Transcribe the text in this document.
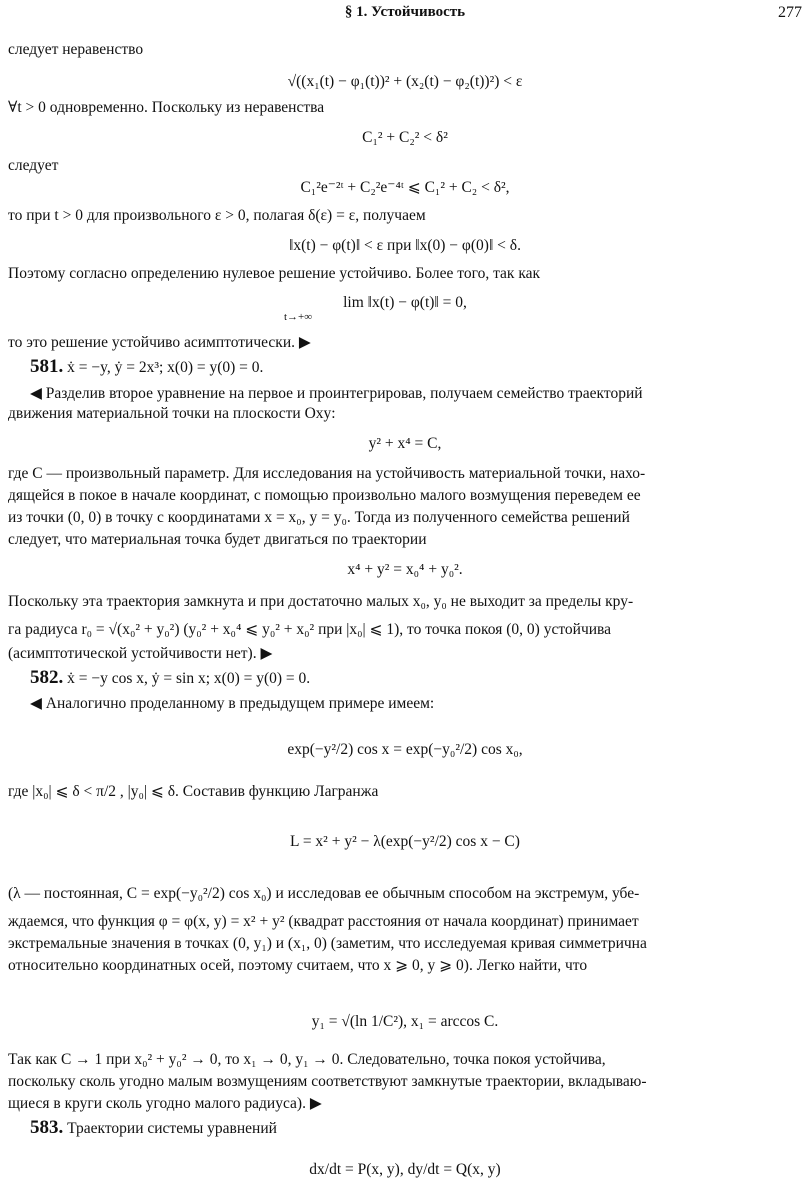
§ 1. Устойчивость	277
следует неравенство
√((x₁(t) − φ₁(t))² + (x₂(t) − φ₂(t))²) < ε
∀t > 0 одновременно. Поскольку из неравенства
C₁² + C₂² < δ²
следует
C₁²e⁻²ᵗ + C₂²e⁻⁴ᵗ ⩽ C₁² + C₂ < δ²,
то при t > 0 для произвольного ε > 0, полагая δ(ε) = ε, получаем
‖x(t) − φ(t)‖ < ε при ‖x(0) − φ(0)‖ < δ.
Поэтому согласно определению нулевое решение устойчиво. Более того, так как
lim ‖x(t) − φ(t)‖ = 0,
t→+∞
то это решение устойчиво асимптотически. ▶
581. ẋ = −y, ẏ = 2x³; x(0) = y(0) = 0.
◀ Разделив второе уравнение на первое и проинтегрировав, получаем семейство траекторий
движения материальной точки на плоскости Oxy:
y² + x⁴ = C,
где C — произвольный параметр. Для исследования на устойчивость материальной точки, нахо-
дящейся в покое в начале координат, с помощью произвольно малого возмущения переведем ее
из точки (0, 0) в точку с координатами x = x₀, y = y₀. Тогда из полученного семейства решений
следует, что материальная точка будет двигаться по траектории
x⁴ + y² = x₀⁴ + y₀².
Поскольку эта траектория замкнута и при достаточно малых x₀, y₀ не выходит за пределы кру-
га радиуса r₀ = √(x₀² + y₀²) (y₀² + x₀⁴ ⩽ y₀² + x₀² при |x₀| ⩽ 1), то точка покоя (0, 0) устойчива
(асимптотической устойчивости нет). ▶
582. ẋ = −y cos x, ẏ = sin x; x(0) = y(0) = 0.
◀ Аналогично проделанному в предыдущем примере имеем:
exp(−y²/2) cos x = exp(−y₀²/2) cos x₀,
где |x₀| ⩽ δ < π/2 , |y₀| ⩽ δ. Составив функцию Лагранжа
L = x² + y² − λ(exp(−y²/2) cos x − C)
(λ — постоянная, C = exp(−y₀²/2) cos x₀) и исследовав ее обычным способом на экстремум, убе-
ждаемся, что функция φ = φ(x, y) = x² + y² (квадрат расстояния от начала координат) принимает
экстремальные значения в точках (0, y₁) и (x₁, 0) (заметим, что исследуемая кривая симметрична
относительно координатных осей, поэтому считаем, что x ⩾ 0, y ⩾ 0). Легко найти, что
y₁ = √(ln 1/C²), x₁ = arccos C.
Так как C → 1 при x₀² + y₀² → 0, то x₁ → 0, y₁ → 0. Следовательно, точка покоя устойчива,
поскольку сколь угодно малым возмущениям соответствуют замкнутые траектории, вкладываю-
щиеся в круги сколь угодно малого радиуса). ▶
583. Траектории системы уравнений
dx/dt = P(x, y), dy/dt = Q(x, y)
